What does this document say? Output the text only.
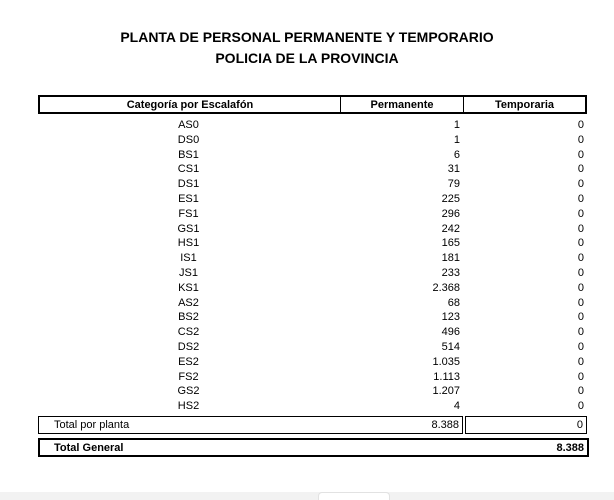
PLANTA DE PERSONAL PERMANENTE Y TEMPORARIO
POLICIA DE LA PROVINCIA
Categoría por Escalafón	Permanente	Temporaria
AS0	1	0
DS0	1	0
BS1	6	0
CS1	31	0
DS1	79	0
ES1	225	0
FS1	296	0
GS1	242	0
HS1	165	0
IS1	181	0
JS1	233	0
KS1	2.368	0
AS2	68	0
BS2	123	0
CS2	496	0
DS2	514	0
ES2	1.035	0
FS2	1.113	0
GS2	1.207	0
HS2	4	0
Total por planta	8.388	0
Total General	8.388
